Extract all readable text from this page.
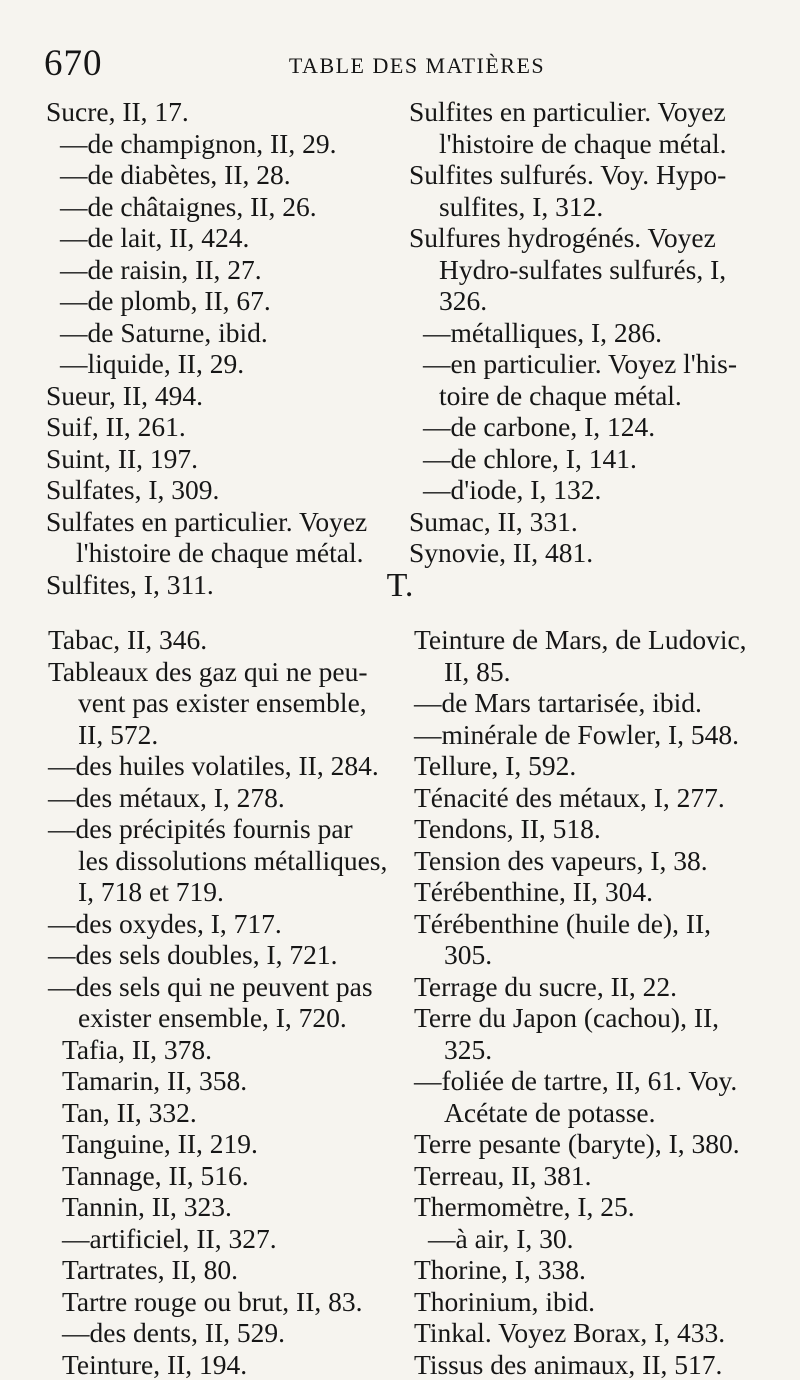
670	TABLE DES MATIÈRES
Sucre, II, 17.
—de champignon, II, 29.
—de diabètes, II, 28.
—de châtaignes, II, 26.
—de lait, II, 424.
—de raisin, II, 27.
—de plomb, II, 67.
—de Saturne, ibid.
—liquide, II, 29.
Sueur, II, 494.
Suif, II, 261.
Suint, II, 197.
Sulfates, I, 309.
Sulfates en particulier. Voyez
l'histoire de chaque métal.
Sulfites, I, 311.
Sulfites en particulier. Voyez
l'histoire de chaque métal.
Sulfites sulfurés. Voy. Hypo-
sulfites, I, 312.
Sulfures hydrogénés. Voyez
Hydro-sulfates sulfurés, I,
326.
—métalliques, I, 286.
—en particulier. Voyez l'his-
toire de chaque métal.
—de carbone, I, 124.
—de chlore, I, 141.
—d'iode, I, 132.
Sumac, II, 331.
Synovie, II, 481.
T.
Tabac, II, 346.
Tableaux des gaz qui ne peu-
vent pas exister ensemble,
II, 572.
—des huiles volatiles, II, 284.
—des métaux, I, 278.
—des précipités fournis par
les dissolutions métalliques,
I, 718 et 719.
—des oxydes, I, 717.
—des sels doubles, I, 721.
—des sels qui ne peuvent pas
exister ensemble, I, 720.
Tafia, II, 378.
Tamarin, II, 358.
Tan, II, 332.
Tanguine, II, 219.
Tannage, II, 516.
Tannin, II, 323.
—artificiel, II, 327.
Tartrates, II, 80.
Tartre rouge ou brut, II, 83.
—des dents, II, 529.
Teinture, II, 194.
Teinture de Mars, de Ludovic,
II, 85.
—de Mars tartarisée, ibid.
—minérale de Fowler, I, 548.
Tellure, I, 592.
Ténacité des métaux, I, 277.
Tendons, II, 518.
Tension des vapeurs, I, 38.
Térébenthine, II, 304.
Térébenthine (huile de), II,
305.
Terrage du sucre, II, 22.
Terre du Japon (cachou), II,
325.
—foliée de tartre, II, 61. Voy.
Acétate de potasse.
Terre pesante (baryte), I, 380.
Terreau, II, 381.
Thermomètre, I, 25.
—à air, I, 30.
Thorine, I, 338.
Thorinium, ibid.
Tinkal. Voyez Borax, I, 433.
Tissus des animaux, II, 517.
